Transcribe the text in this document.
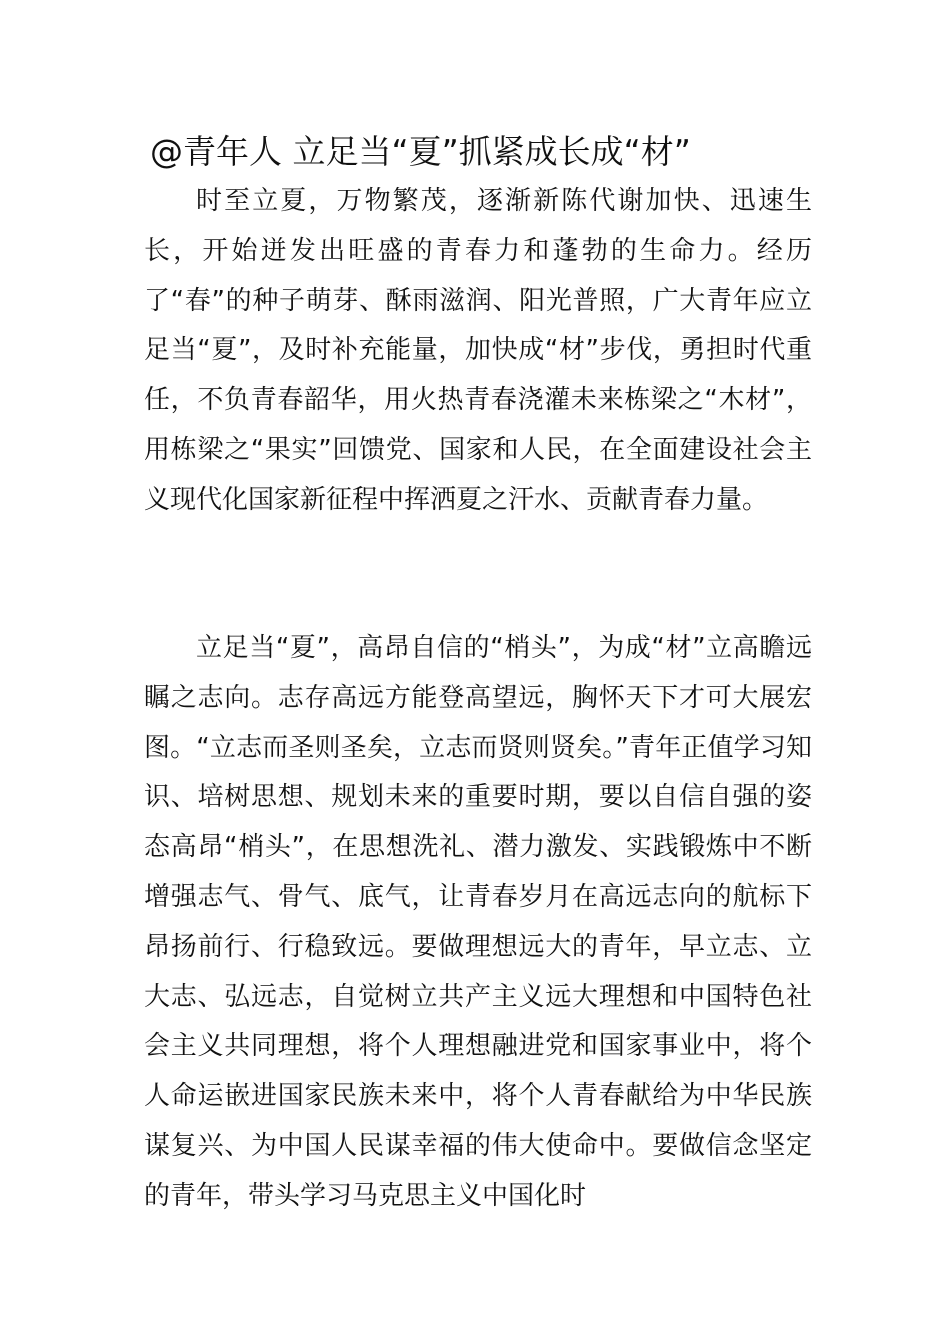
@青年人 立足当“夏”抓紧成长成“材”

时至立夏，万物繁茂，逐渐新陈代谢加快、迅速生长，开始迸发出旺盛的青春力和蓬勃的生命力。经历了“春”的种子萌芽、酥雨滋润、阳光普照，广大青年应立足当“夏”，及时补充能量，加快成“材”步伐，勇担时代重任，不负青春韶华，用火热青春浇灌未来栋梁之“木材”，用栋梁之“果实”回馈党、国家和人民，在全面建设社会主义现代化国家新征程中挥洒夏之汗水、贡献青春力量。

立足当“夏”，高昂自信的“梢头”，为成“材”立高瞻远瞩之志向。志存高远方能登高望远，胸怀天下才可大展宏图。“立志而圣则圣矣，立志而贤则贤矣。”青年正值学习知识、培树思想、规划未来的重要时期，要以自信自强的姿态高昂“梢头”，在思想洗礼、潜力激发、实践锻炼中不断增强志气、骨气、底气，让青春岁月在高远志向的航标下昂扬前行、行稳致远。要做理想远大的青年，早立志、立大志、弘远志，自觉树立共产主义远大理想和中国特色社会主义共同理想，将个人理想融进党和国家事业中，将个人命运嵌进国家民族未来中，将个人青春献给为中华民族谋复兴、为中国人民谋幸福的伟大使命中。要做信念坚定的青年，带头学习马克思主义中国化时
